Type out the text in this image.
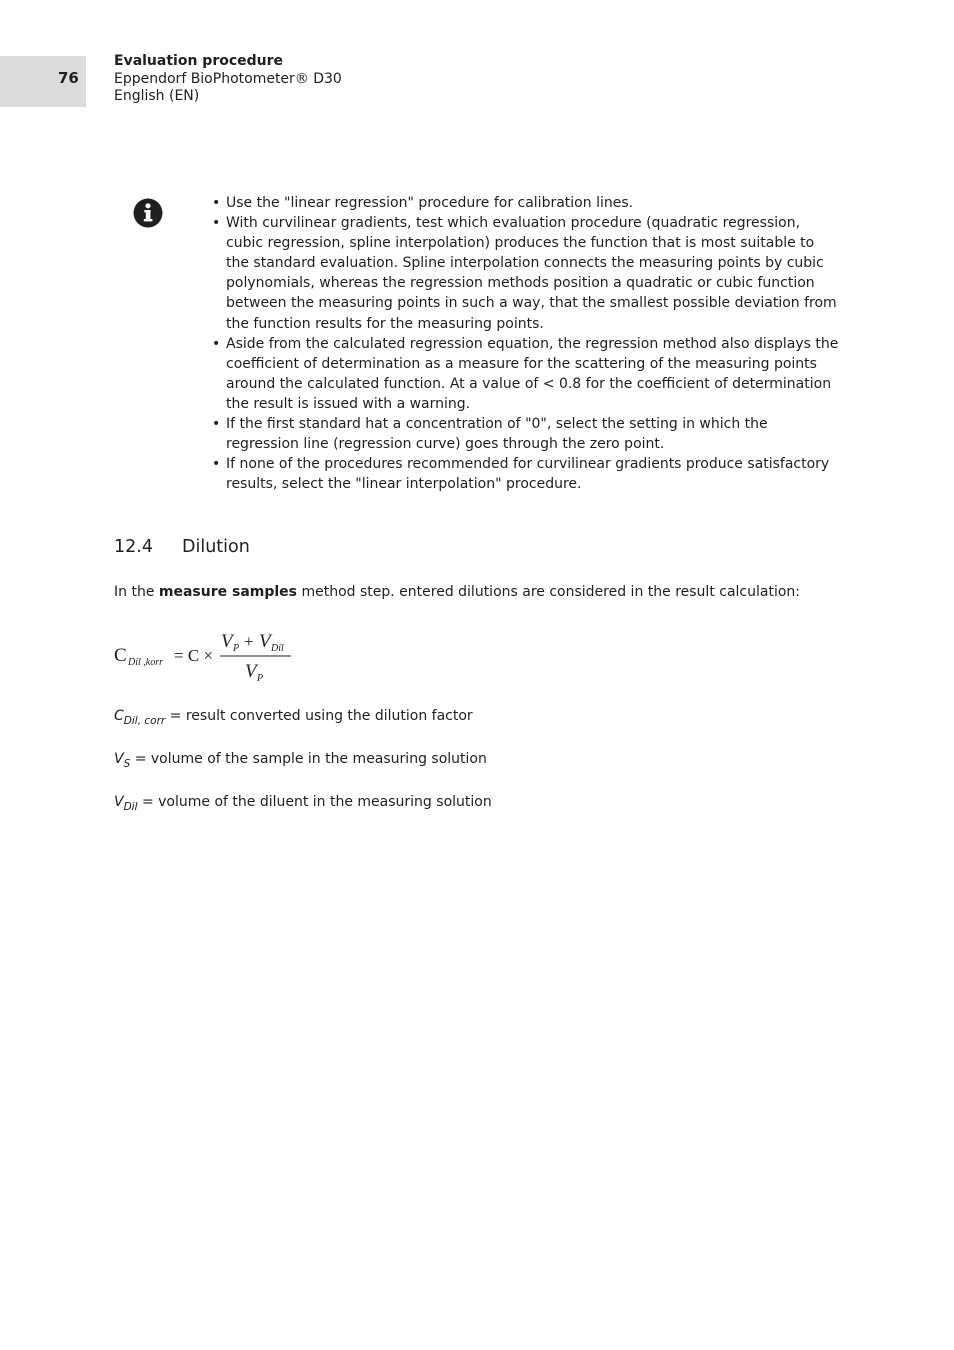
76
Evaluation procedure
Eppendorf BioPhotometer® D30
English (EN)
• Use the "linear regression" procedure for calibration lines.
• With curvilinear gradients, test which evaluation procedure (quadratic regression, cubic regression, spline interpolation) produces the function that is most suitable to the standard evaluation. Spline interpolation connects the measuring points by cubic polynomials, whereas the regression methods position a quadratic or cubic function between the measuring points in such a way, that the smallest possible deviation from the function results for the measuring points.
• Aside from the calculated regression equation, the regression method also displays the coefficient of determination as a measure for the scattering of the measuring points around the calculated function. At a value of < 0.8 for the coefficient of determination the result is issued with a warning.
• If the first standard hat a concentration of "0", select the setting in which the regression line (regression curve) goes through the zero point.
• If none of the procedures recommended for curvilinear gradients produce satisfactory results, select the "linear interpolation" procedure.
12.4 Dilution

In the measure samples method step. entered dilutions are considered in the result calculation:

C Dil ,korr = C ×
V P + V Dil
V P

$C_{Dil, corr}$ = result converted using the dilution factor

$V_S$ = volume of the sample in the measuring solution

$V_{Dil}$ = volume of the diluent in the measuring solution
